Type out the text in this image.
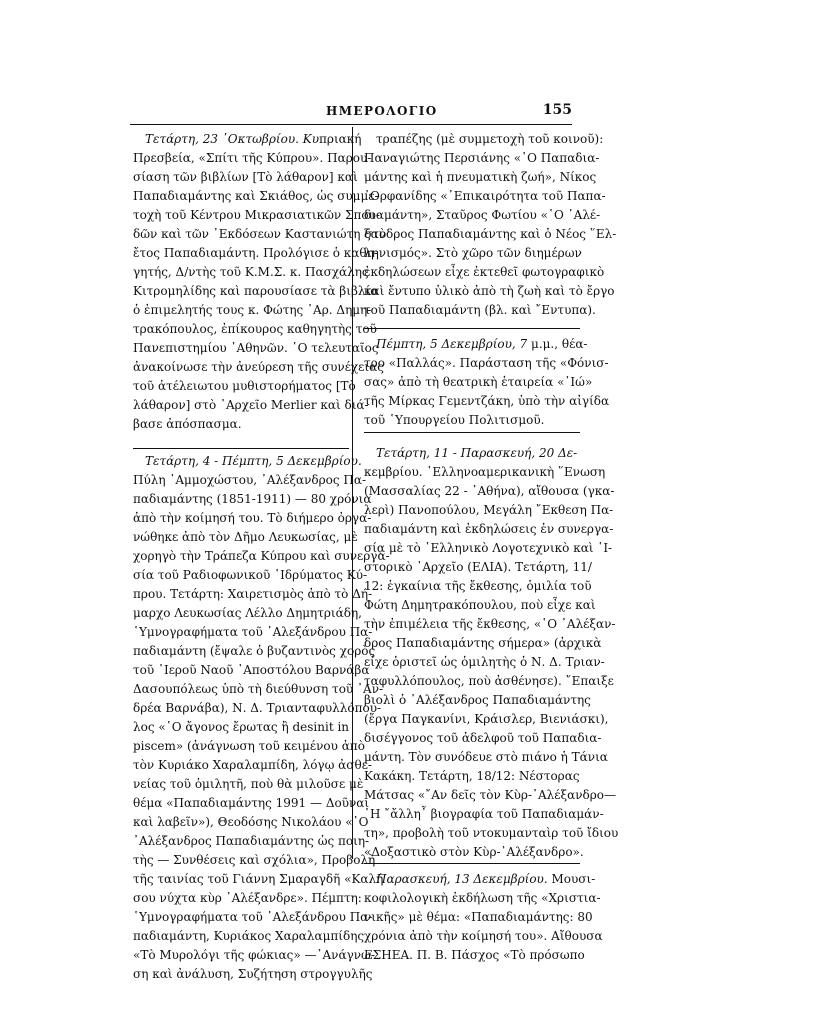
ΗΜΕΡΟΛΟΓΙΟ	155
Τετάρτη, 23 ᾿Οκτωβρίου. Κυπριακή
Πρεσβεία, «Σπίτι τῆς Κύπρου». Παρου-
σίαση τῶν βιβλίων [Τὸ λάθαρον] καὶ
Παπαδιαμάντης καὶ Σκιάθος, ὡς συμμε-
τοχὴ τοῦ Κέντρου Μικρασιατικῶν Σπου-
δῶν καὶ τῶν ᾿Εκδόσεων Καστανιώτη στὸ
ἔτος Παπαδιαμάντη. Προλόγισε ὁ καθη-
γητής, Δ/ντὴς τοῦ Κ.Μ.Σ. κ. Πασχάλης
Κιτρομηλίδης καὶ παρουσίασε τὰ βιβλία
ὁ ἐπιμελητής τους κ. Φώτης ᾿Αρ. Δημη-
τρακόπουλος, ἐπίκουρος καθηγητὴς τοῦ
Πανεπιστημίου ᾿Αθηνῶν. ῾Ο τελευταῖος
ἀνακοίνωσε τὴν ἀνεύρεση τῆς συνέχειας
τοῦ ἀτέλειωτου μυθιστορήματος [Τὸ
λάθαρον] στὸ ᾿Αρχεῖο Merlier καὶ διά-
βασε ἀπόσπασμα.
Τετάρτη, 4 - Πέμπτη, 5 Δεκεμβρίου.
Πύλη ᾿Αμμοχώστου, ᾿Αλέξανδρος Πα-
παδιαμάντης (1851-1911) — 80 χρόνια
ἀπὸ τὴν κοίμησή του. Τὸ διήμερο ὀργα-
νώθηκε ἀπὸ τὸν Δῆμο Λευκωσίας, μὲ
χορηγὸ τὴν Τράπεζα Κύπρου καὶ συνεργα-
σία τοῦ Ραδιοφωνικοῦ ῾Ιδρύματος Κύ-
πρου. Τετάρτη: Χαιρετισμὸς ἀπὸ τὸ Δή-
μαρχο Λευκωσίας Λέλλο Δημητριάδη,
῾Υμνογραφήματα τοῦ ᾿Αλεξάνδρου Πα-
παδιαμάντη (ἔψαλε ὁ βυζαντινὸς χορὸς
τοῦ ῾Ιεροῦ Ναοῦ ᾿Αποστόλου Βαρνάβα
Δασουπόλεως ὑπὸ τὴ διεύθυνση τοῦ ᾿Αν-
δρέα Βαρνάβα), Ν. Δ. Τριανταφυλλόπου-
λος «῾Ο ἄγονος ἔρωτας ἢ desinit in
piscem» (ἀνάγνωση τοῦ κειμένου ἀπὸ
τὸν Κυριάκο Χαραλαμπίδη, λόγῳ ἀσθε-
νείας τοῦ ὁμιλητῆ, ποὺ θὰ μιλοῦσε μὲ
θέμα «Παπαδιαμάντης 1991 — Δοῦναι
καὶ λαβεῖν»), Θεοδόσης Νικολάου «῾Ο
᾿Αλέξανδρος Παπαδιαμάντης ὡς ποιη-
τὴς — Συνθέσεις καὶ σχόλια», Προβολὴ
τῆς ταινίας τοῦ Γιάννη Σμαραγδῆ «Καλή
σου νύχτα κὺρ ᾿Αλέξανδρε». Πέμπτη:
῾Υμνογραφήματα τοῦ ᾿Αλεξάνδρου Πα-
παδιαμάντη, Κυριάκος Χαραλαμπίδης
«Τὸ Μυρολόγι τῆς φώκιας» —᾿Ανάγνω-
ση καὶ ἀνάλυση, Συζήτηση στρογγυλῆς
τραπέζης (μὲ συμμετοχὴ τοῦ κοινοῦ):
Παναγιώτης Περσιάνης «῾Ο Παπαδια-
μάντης καὶ ἡ πνευματικὴ ζωή», Νίκος
᾿Ορφανίδης «᾿Επικαιρότητα τοῦ Παπα-
διαμάντη», Σταῦρος Φωτίου «῾Ο ᾿Αλέ-
ξανδρος Παπαδιαμάντης καὶ ὁ Νέος ῞Ελ-
ληνισμός». Στὸ χῶρο τῶν διημέρων
ἐκδηλώσεων εἶχε ἐκτεθεῖ φωτογραφικὸ
καὶ ἔντυπο ὑλικὸ ἀπὸ τὴ ζωὴ καὶ τὸ ἔργο
τοῦ Παπαδιαμάντη (βλ. καὶ ῎Εντυπα).
Πέμπτη, 5 Δεκεμβρίου, 7 μ.μ., θέα-
τρο «Παλλάς». Παράσταση τῆς «Φόνισ-
σας» ἀπὸ τὴ θεατρικὴ ἑταιρεία «᾿Ιώ»
τῆς Μίρκας Γεμεντζάκη, ὑπὸ τὴν αἰγίδα
τοῦ ῾Υπουργείου Πολιτισμοῦ.
Τετάρτη, 11 - Παρασκευή, 20 Δε-
κεμβρίου. ῾Ελληνοαμερικανικὴ ῞Ενωση
(Μασσαλίας 22 - ᾿Αθήνα), αἴθουσα (γκα-
λερὶ) Πανοπούλου, Μεγάλη ῎Εκθεση Πα-
παδιαμάντη καὶ ἐκδηλώσεις ἐν συνεργα-
σίᾳ μὲ τὸ ῾Ελληνικὸ Λογοτεχνικὸ καὶ ῾Ι-
στορικὸ ᾿Αρχεῖο (ΕΛΙΑ). Τετάρτη, 11/
12: ἐγκαίνια τῆς ἔκθεσης, ὁμιλία τοῦ
Φώτη Δημητρακόπουλου, ποὺ εἶχε καὶ
τὴν ἐπιμέλεια τῆς ἔκθεσης, «῾Ο ᾿Αλέξαν-
δρος Παπαδιαμάντης σήμερα» (ἀρχικὰ
εἶχε ὁριστεῖ ὡς ὁμιλητὴς ὁ Ν. Δ. Τριαν-
ταφυλλόπουλος, ποὺ ἀσθένησε). ῎Επαιξε
βιολὶ ὁ ᾿Αλέξανδρος Παπαδιαμάντης
(ἔργα Παγκανίνι, Κράισλερ, Βιενιάσκι),
δισέγγονος τοῦ ἀδελφοῦ τοῦ Παπαδια-
μάντη. Τὸν συνόδευε στὸ πιάνο ἡ Τάνια
Κακάκη. Τετάρτη, 18/12: Νέστορας
Μάτσας «῎Αν δεῖς τὸν Κὺρ-᾿Αλέξανδρο—
῾Η ῎ἄλλη῏ βιογραφία τοῦ Παπαδιαμάν-
τη», προβολὴ τοῦ ντοκυμανταὶρ τοῦ ἴδιου
«Δοξαστικὸ στὸν Κὺρ-᾿Αλέξανδρο».
Παρασκευή, 13 Δεκεμβρίου. Μουσι-
κοφιλολογικὴ ἐκδήλωση τῆς «Χριστια-
νικῆς» μὲ θέμα: «Παπαδιαμάντης: 80
χρόνια ἀπὸ τὴν κοίμησή του». Αἴθουσα
ΕΣΗΕΑ. Π. Β. Πάσχος «Τὸ πρόσωπο
